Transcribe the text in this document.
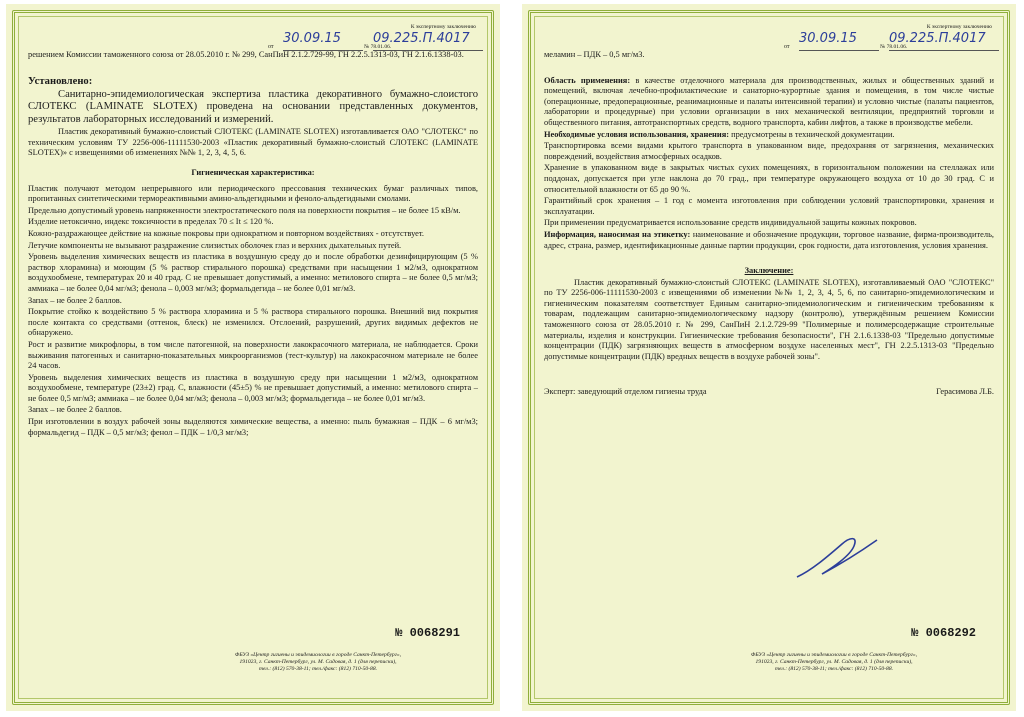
К экспертному заключению
от
30.09.15
№ 78.01.06.
09.225.П.4017

решением Комиссии таможенного союза от 28.05.2010 г. № 299, СанПиН 2.1.2.729-99, ГН 2.2.5.1313-03, ГН 2.1.6.1338-03.

Установлено:

Санитарно-эпидемиологическая экспертиза пластика декоративного бумажно-слоистого СЛОТЕКС (LAMINATE SLOTEX) проведена на основании представленных документов, результатов лабораторных исследований и измерений.

Пластик декоративный бумажно-слоистый СЛОТЕКС (LAMINATE SLOTEX) изготавливается ОАО "СЛОТЕКС" по техническим условиям ТУ 2256-006-11111530-2003 «Пластик декоративный бумажно-слоистый СЛОТЕКС (LAMINATE SLOTEX)» с извещениями об изменениях №№ 1, 2, 3, 4, 5, 6.

Гигиеническая характеристика:

Пластик получают методом непрерывного или периодического прессования технических бумаг различных типов, пропитанных синтетическими термореактивными амино-альдегидными и феноло-альдегидными смолами.

Предельно допустимый уровень напряженности электростатического поля на поверхности покрытия – не более 15 кВ/м.

Изделие нетоксично, индекс токсичности в пределах 70 ≤ It ≤ 120 %.

Кожно-раздражающее действие на кожные покровы при однократном и повторном воздействиях - отсутствует.

Летучие компоненты не вызывают раздражение слизистых оболочек глаз и верхних дыхательных путей.

Уровень выделения химических веществ из пластика в воздушную среду до и после обработки дезинфицирующим (5 % раствор хлорамина) и моющим (5 % раствор стирального порошка) средствами при насыщении 1 м2/м3, однократном воздухообмене, температурах 20 и 40 град. С не превышает допустимый, а именно: метилового спирта – не более 0,5 мг/м3; аммиака – не более 0,04 мг/м3; фенола – 0,003 мг/м3; формальдегида – не более 0,01 мг/м3.

Запах – не более 2 баллов.

Покрытие стойко к воздействию 5 % раствора хлорамина и 5 % раствора стирального порошка. Внешний вид покрытия после контакта со средствами (оттенок, блеск) не изменился. Отслоений, разрушений, других видимых дефектов не обнаружено.

Рост и развитие микрофлоры, в том числе патогенной, на поверхности лакокрасочного материала, не наблюдается. Сроки выживания патогенных и санитарно-показательных микроорганизмов (тест-культур) на лакокрасочном материале не более 24 часов.

Уровень выделения химических веществ из пластика в воздушную среду при насыщении 1 м2/м3, однократном воздухообмене, температуре (23±2) град. С, влажности (45±5) % не превышает допустимый, а именно: метилового спирта – не более 0,5 мг/м3; аммиака – не более 0,04 мг/м3; фенола – 0,003 мг/м3; формальдегида – не более 0,01 мг/м3.

Запах – не более 2 баллов.

При изготовлении в воздух рабочей зоны выделяются химические вещества, а именно: пыль бумажная – ПДК – 6 мг/м3; формальдегид – ПДК – 0,5 мг/м3; фенол – ПДК – 1/0,3 мг/м3;

№ 0068291
ФБУЗ «Центр гигиены и эпидемиологии в городе Санкт-Петербург»,
191023, г. Санкт-Петербург, ул. М. Садовая, д. 1 (для переписки),
тел.: (812) 570-38-11; тел./факс: (812) 710-50-88.
К экспертному заключению
от
30.09.15
№ 78.01.06.
09.225.П.4017

меламин – ПДК – 0,5 мг/м3.

Область применения: в качестве отделочного материала для производственных, жилых и общественных зданий и помещений, включая лечебно-профилактические и санаторно-курортные здания и помещения, в том числе чистые (операционные, предоперационные, реанимационные и палаты интенсивной терапии) и условно чистые (палаты пациентов, лаборатории и процедурные) при условии организации в них механической вентиляции, предприятий торговли и общественного питания, автотранспортных средств, водного транспорта, кабин лифтов, а также в производстве мебели.

Необходимые условия использования, хранения: предусмотрены в технической документации.

Транспортировка всеми видами крытого транспорта в упакованном виде, предохраняя от загрязнения, механических повреждений, воздействия атмосферных осадков.

Хранение в упакованном виде в закрытых чистых сухих помещениях, в горизонтальном положении на стеллажах или поддонах, допускается при угле наклона до 70 град., при температуре окружающего воздуха от 10 до 30 град. С и относительной влажности от 65 до 90 %.

Гарантийный срок хранения – 1 год с момента изготовления при соблюдении условий транспортировки, хранения и эксплуатации.

При применении предусматривается использование средств индивидуальной защиты кожных покровов.

Информация, наносимая на этикетку: наименование и обозначение продукции, торговое название, фирма-производитель, адрес, страна, размер, идентификационные данные партии продукции, срок годности, дата изготовления, условия хранения.

Заключение:

Пластик декоративный бумажно-слоистый СЛОТЕКС (LAMINATE SLOTEX), изготавливаемый ОАО "СЛОТЕКС" по ТУ 2256-006-11111530-2003 с извещениями об изменении №№ 1, 2, 3, 4, 5, 6, по санитарно-эпидемиологическим и гигиеническим показателям соответствует Единым санитарно-эпидемиологическим и гигиеническим требованиям к товарам, подлежащим санитарно-эпидемиологическому надзору (контролю), утверждённым решением Комиссии таможенного союза от 28.05.2010 г. № 299, СанПиН 2.1.2.729-99 "Полимерные и полимерсодержащие строительные материалы, изделия и конструкции. Гигиенические требования безопасности", ГН 2.1.6.1338-03 "Предельно допустимые концентрации (ПДК) загрязняющих веществ в атмосферном воздухе населенных мест", ГН 2.2.5.1313-03 "Предельно допустимые концентрации (ПДК) вредных веществ в воздухе рабочей зоны".

Эксперт: заведующий отделом гигиены труда	Герасимова Л.Б.
№ 0068292
ФБУЗ «Центр гигиены и эпидемиологии в городе Санкт-Петербург»,
191023, г. Санкт-Петербург, ул. М. Садовая, д. 1 (для переписки),
тел.: (812) 570-38-11; тел./факс: (812) 710-50-88.
